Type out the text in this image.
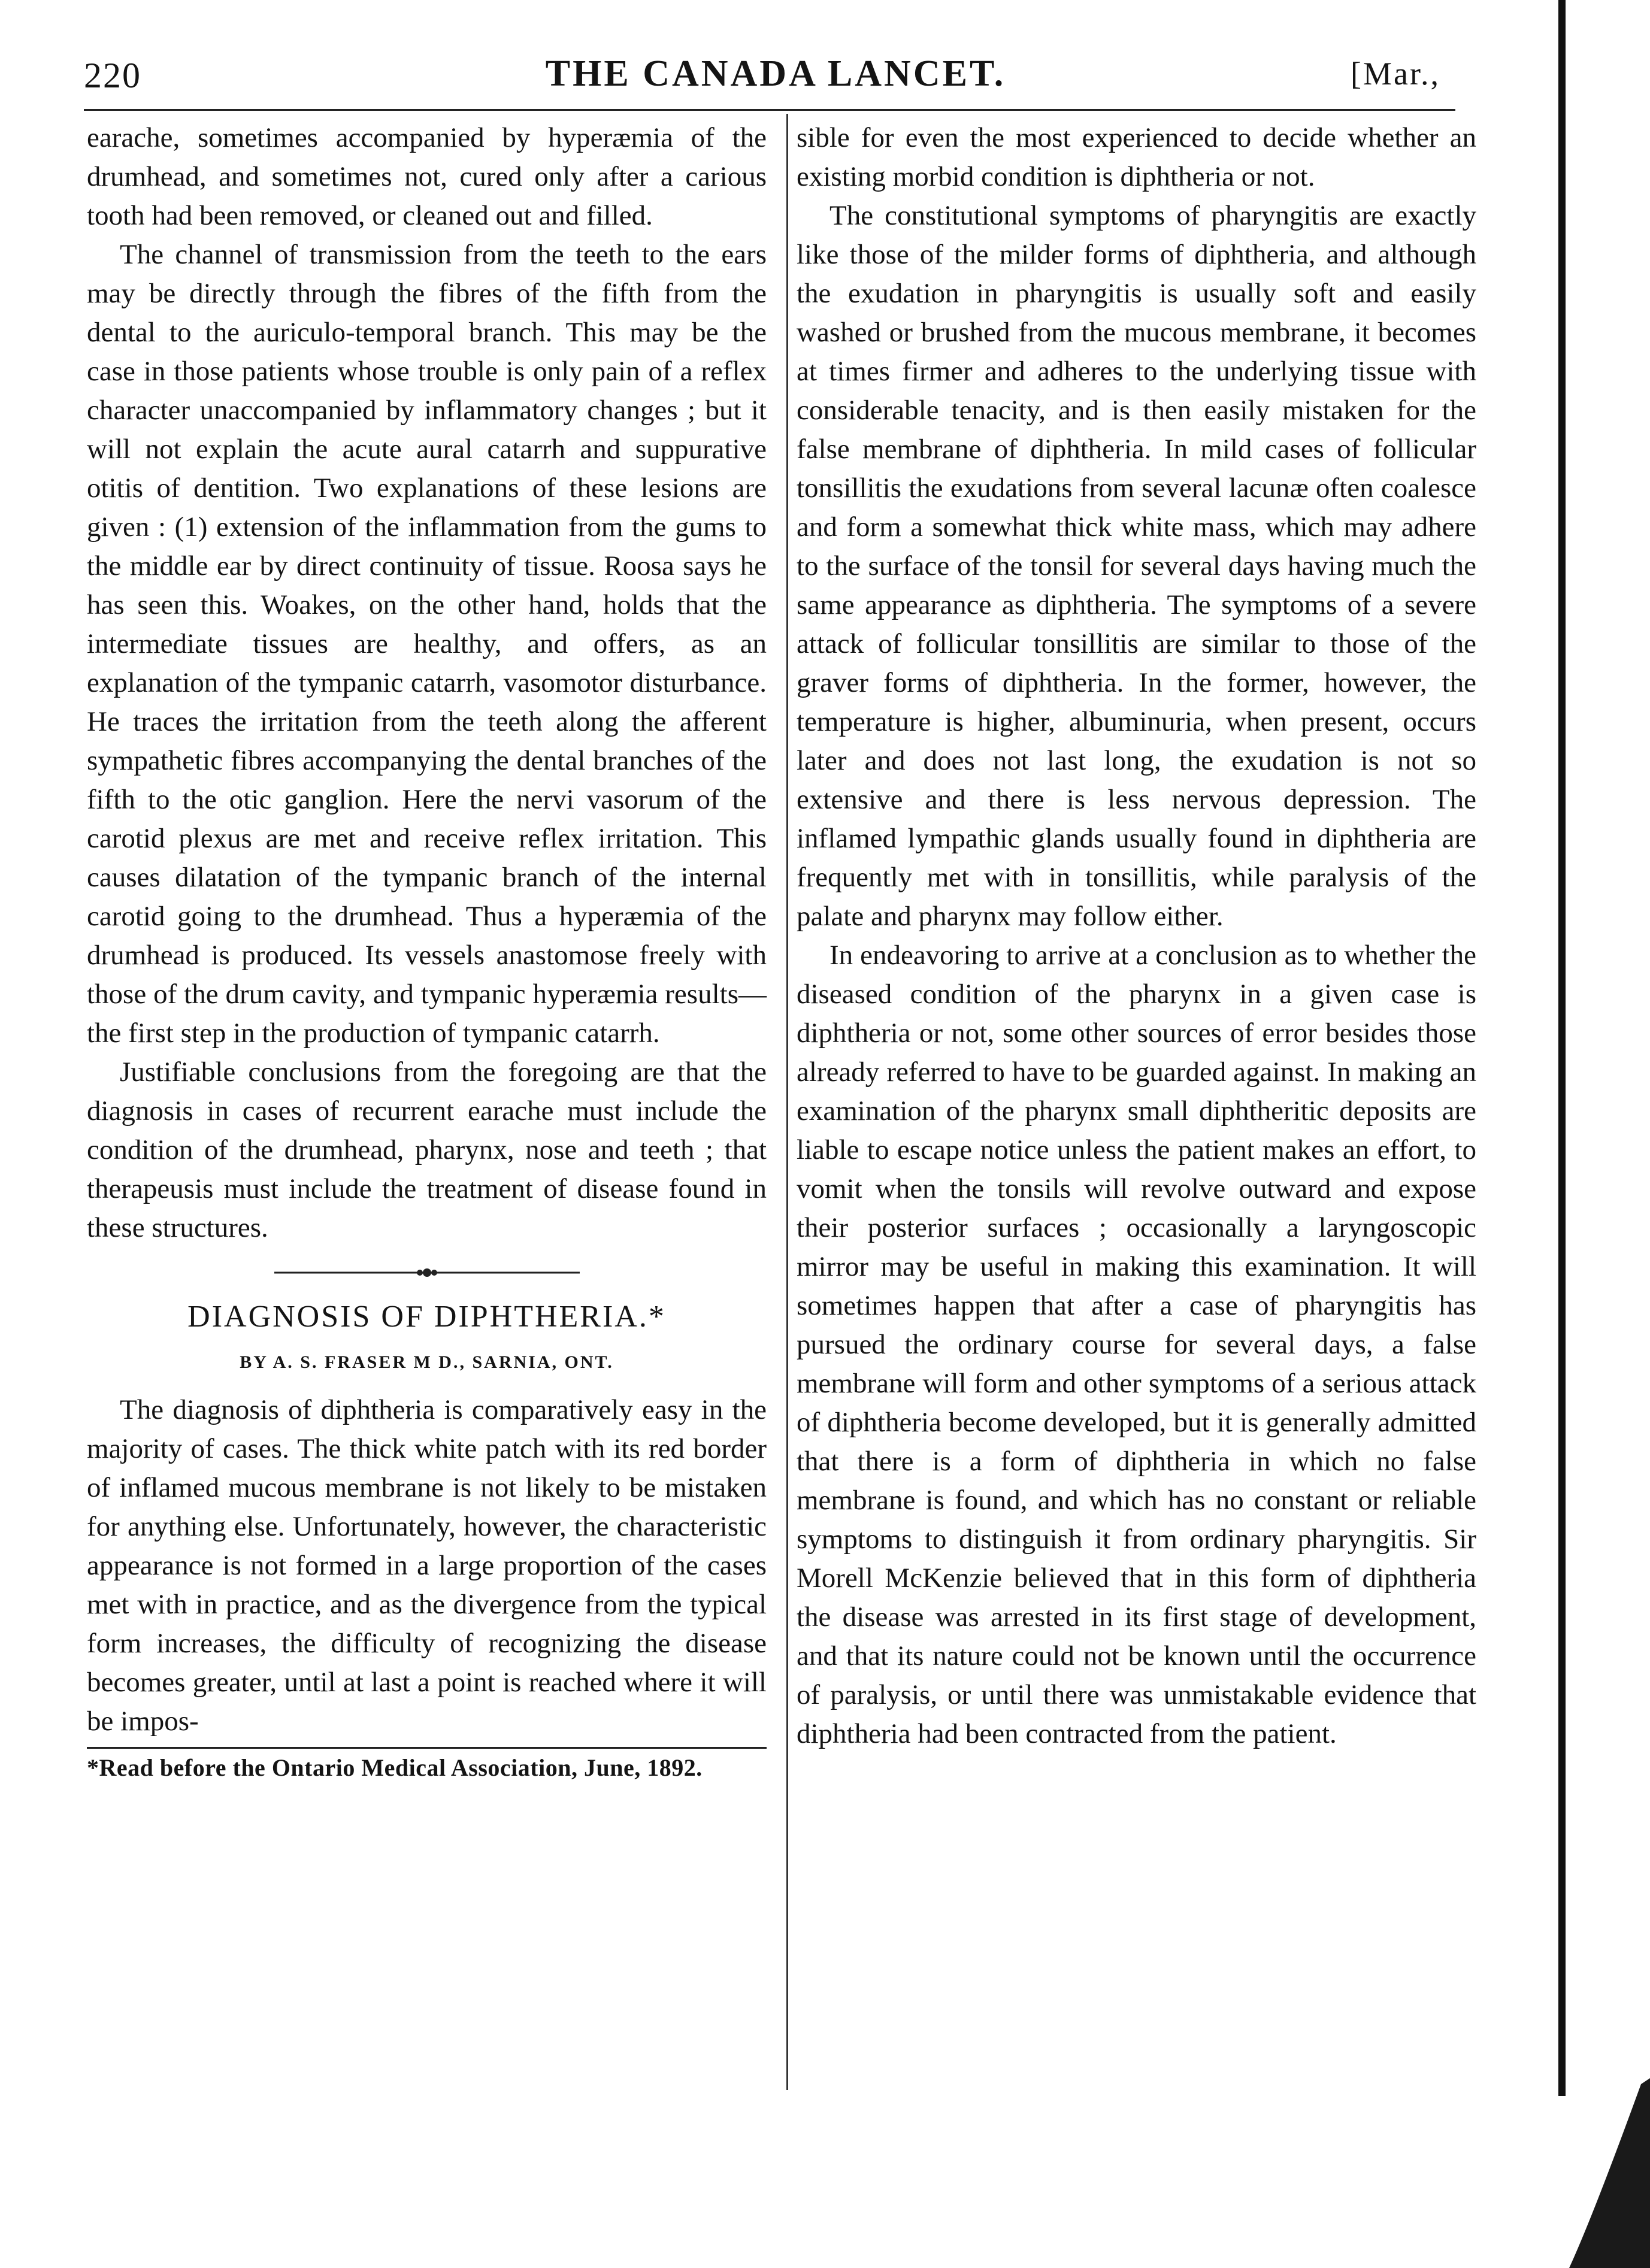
220	THE CANADA LANCET.	[Mar.,

earache, sometimes accompanied by hyperæmia of the drumhead, and sometimes not, cured only after a carious tooth had been removed, or cleaned out and filled.

The channel of transmission from the teeth to the ears may be directly through the fibres of the fifth from the dental to the auriculo-temporal branch. This may be the case in those patients whose trouble is only pain of a reflex character unaccompanied by inflammatory changes ; but it will not explain the acute aural catarrh and suppurative otitis of dentition. Two explanations of these lesions are given : (1) extension of the inflammation from the gums to the middle ear by direct continuity of tissue. Roosa says he has seen this. Woakes, on the other hand, holds that the intermediate tissues are healthy, and offers, as an explanation of the tympanic catarrh, vasomotor disturbance. He traces the irritation from the teeth along the afferent sympathetic fibres accompanying the dental branches of the fifth to the otic ganglion. Here the nervi vasorum of the carotid plexus are met and receive reflex irritation. This causes dilatation of the tympanic branch of the internal carotid going to the drumhead. Thus a hyperæmia of the drumhead is produced. Its vessels anastomose freely with those of the drum cavity, and tympanic hyperæmia results—the first step in the production of tympanic catarrh.

Justifiable conclusions from the foregoing are that the diagnosis in cases of recurrent earache must include the condition of the drumhead, pharynx, nose and teeth ; that therapeusis must include the treatment of disease found in these structures.

DIAGNOSIS OF DIPHTHERIA.*
BY A. S. FRASER M D., SARNIA, ONT.

The diagnosis of diphtheria is comparatively easy in the majority of cases. The thick white patch with its red border of inflamed mucous membrane is not likely to be mistaken for anything else. Unfortunately, however, the characteristic appearance is not formed in a large proportion of the cases met with in practice, and as the divergence from the typical form increases, the difficulty of recognizing the disease becomes greater, until at last a point is reached where it will be impos-

*Read before the Ontario Medical Association, June, 1892.

sible for even the most experienced to decide whether an existing morbid condition is diphtheria or not.

The constitutional symptoms of pharyngitis are exactly like those of the milder forms of diphtheria, and although the exudation in pharyngitis is usually soft and easily washed or brushed from the mucous membrane, it becomes at times firmer and adheres to the underlying tissue with considerable tenacity, and is then easily mistaken for the false membrane of diphtheria. In mild cases of follicular tonsillitis the exudations from several lacunæ often coalesce and form a somewhat thick white mass, which may adhere to the surface of the tonsil for several days having much the same appearance as diphtheria. The symptoms of a severe attack of follicular tonsillitis are similar to those of the graver forms of diphtheria. In the former, however, the temperature is higher, albuminuria, when present, occurs later and does not last long, the exudation is not so extensive and there is less nervous depression. The inflamed lympathic glands usually found in diphtheria are frequently met with in tonsillitis, while paralysis of the palate and pharynx may follow either.

In endeavoring to arrive at a conclusion as to whether the diseased condition of the pharynx in a given case is diphtheria or not, some other sources of error besides those already referred to have to be guarded against. In making an examination of the pharynx small diphtheritic deposits are liable to escape notice unless the patient makes an effort, to vomit when the tonsils will revolve outward and expose their posterior surfaces ; occasionally a laryngoscopic mirror may be useful in making this examination. It will sometimes happen that after a case of pharyngitis has pursued the ordinary course for several days, a false membrane will form and other symptoms of a serious attack of diphtheria become developed, but it is generally admitted that there is a form of diphtheria in which no false membrane is found, and which has no constant or reliable symptoms to distinguish it from ordinary pharyngitis. Sir Morell McKenzie believed that in this form of diphtheria the disease was arrested in its first stage of development, and that its nature could not be known until the occurrence of paralysis, or until there was unmistakable evidence that diphtheria had been contracted from the patient.
